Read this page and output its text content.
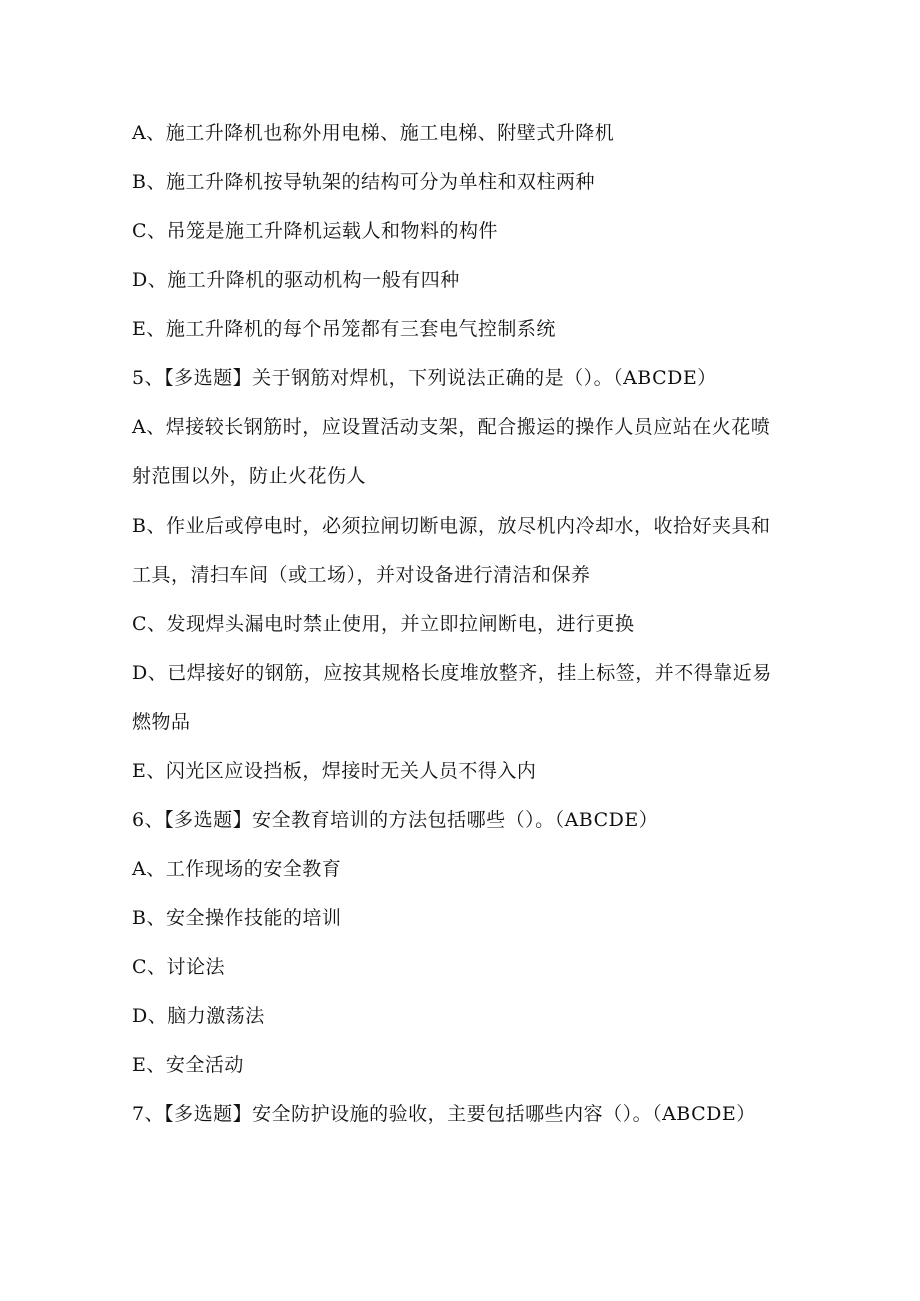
A、施工升降机也称外用电梯、施工电梯、附壁式升降机
B、施工升降机按导轨架的结构可分为单柱和双柱两种
C、吊笼是施工升降机运载人和物料的构件
D、施工升降机的驱动机构一般有四种
E、施工升降机的每个吊笼都有三套电气控制系统
5、【多选题】关于钢筋对焊机，下列说法正确的是（）。（ABCDE）
A、焊接较长钢筋时，应设置活动支架，配合搬运的操作人员应站在火花喷
射范围以外，防止火花伤人
B、作业后或停电时，必须拉闸切断电源，放尽机内冷却水，收拾好夹具和
工具，清扫车间（或工场），并对设备进行清洁和保养
C、发现焊头漏电时禁止使用，并立即拉闸断电，进行更换
D、已焊接好的钢筋，应按其规格长度堆放整齐，挂上标签，并不得靠近易
燃物品
E、闪光区应设挡板，焊接时无关人员不得入内
6、【多选题】安全教育培训的方法包括哪些（）。（ABCDE）
A、工作现场的安全教育
B、安全操作技能的培训
C、讨论法
D、脑力激荡法
E、安全活动
7、【多选题】安全防护设施的验收，主要包括哪些内容（）。（ABCDE）
